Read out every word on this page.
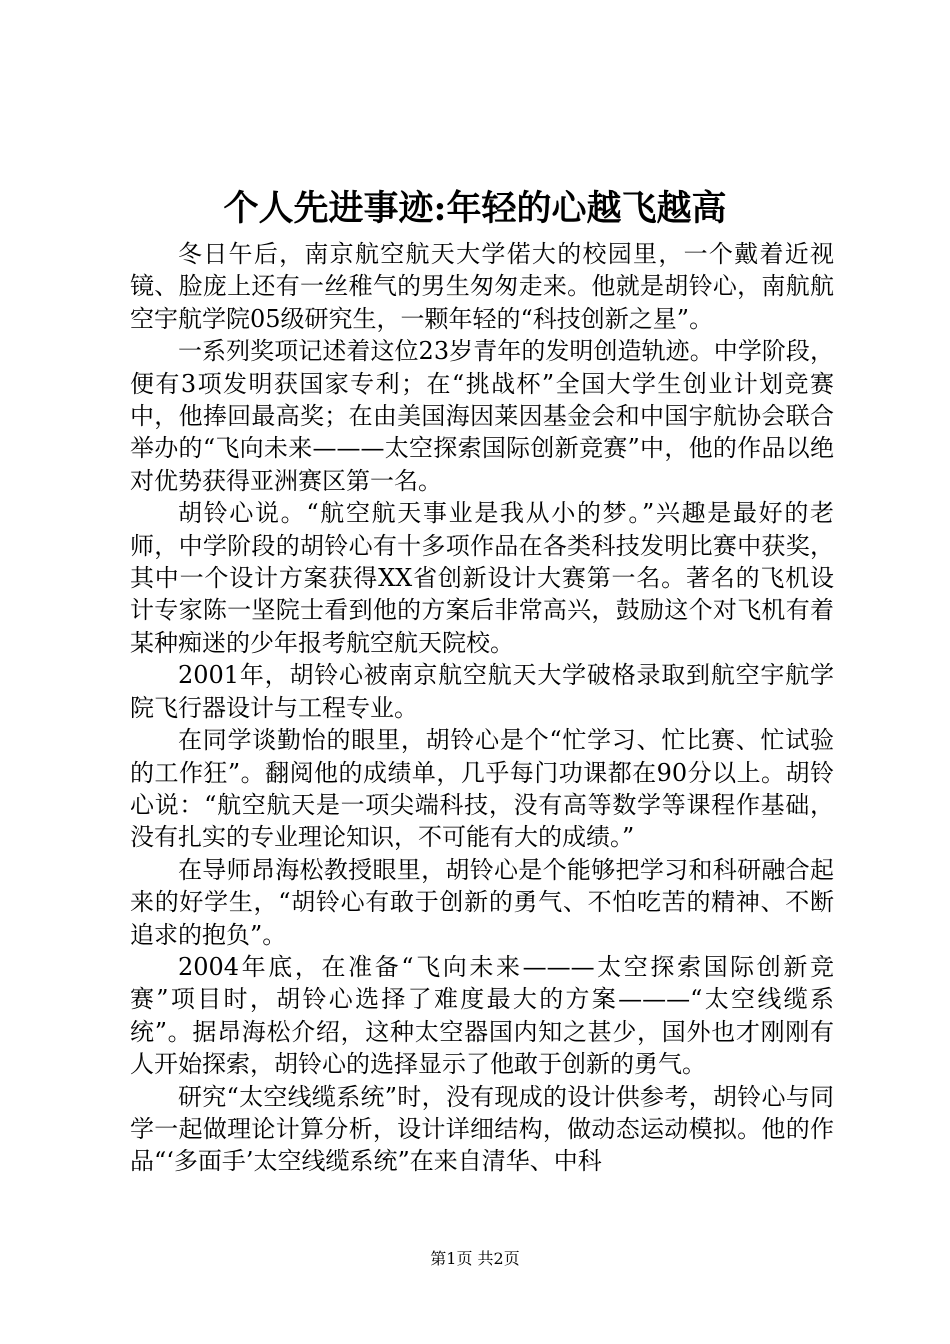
个人先进事迹:年轻的心越飞越高

冬日午后，南京航空航天大学偌大的校园里，一个戴着近视镜、脸庞上还有一丝稚气的男生匆匆走来。他就是胡铃心，南航航空宇航学院05级研究生，一颗年轻的“科技创新之星”。

一系列奖项记述着这位23岁青年的发明创造轨迹。中学阶段，便有3项发明获国家专利；在“挑战杯”全国大学生创业计划竞赛中，他捧回最高奖；在由美国海因莱因基金会和中国宇航协会联合举办的“飞向未来———太空探索国际创新竞赛”中，他的作品以绝对优势获得亚洲赛区第一名。

胡铃心说。“航空航天事业是我从小的梦。”兴趣是最好的老师，中学阶段的胡铃心有十多项作品在各类科技发明比赛中获奖，其中一个设计方案获得XX省创新设计大赛第一名。著名的飞机设计专家陈一坚院士看到他的方案后非常高兴，鼓励这个对飞机有着某种痴迷的少年报考航空航天院校。

2001年，胡铃心被南京航空航天大学破格录取到航空宇航学院飞行器设计与工程专业。

在同学谈勤怡的眼里，胡铃心是个“忙学习、忙比赛、忙试验的工作狂”。翻阅他的成绩单，几乎每门功课都在90分以上。胡铃心说：“航空航天是一项尖端科技，没有高等数学等课程作基础，没有扎实的专业理论知识，不可能有大的成绩。”

在导师昂海松教授眼里，胡铃心是个能够把学习和科研融合起来的好学生，“胡铃心有敢于创新的勇气、不怕吃苦的精神、不断追求的抱负”。

2004年底，在准备“飞向未来———太空探索国际创新竞赛”项目时，胡铃心选择了难度最大的方案———“太空线缆系统”。据昂海松介绍，这种太空器国内知之甚少，国外也才刚刚有人开始探索，胡铃心的选择显示了他敢于创新的勇气。

研究“太空线缆系统”时，没有现成的设计供参考，胡铃心与同学一起做理论计算分析，设计详细结构，做动态运动模拟。他的作品“‘多面手’太空线缆系统”在来自清华、中科

第1页 共2页
